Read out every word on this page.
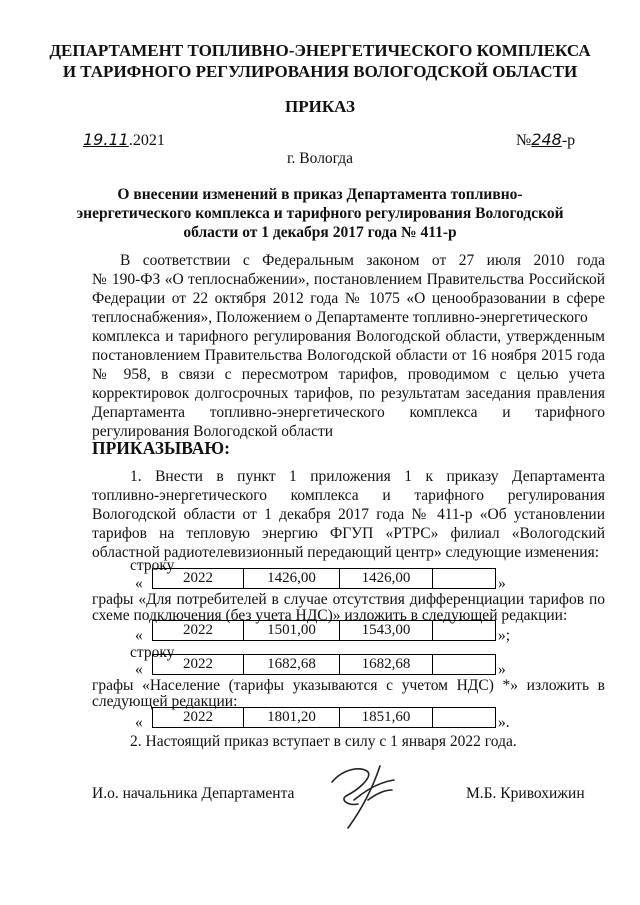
ДЕПАРТАМЕНТ ТОПЛИВНО-ЭНЕРГЕТИЧЕСКОГО КОМПЛЕКСА
И ТАРИФНОГО РЕГУЛИРОВАНИЯ ВОЛОГОДСКОЙ ОБЛАСТИ
ПРИКАЗ
19.11.2021	№248-р
г. Вологда
О внесении изменений в приказ Департамента топливно-
энергетического комплекса и тарифного регулирования Вологодской
области от 1 декабря 2017 года № 411-р
В соответствии с Федеральным законом от 27 июля 2010 года
№ 190-ФЗ «О теплоснабжении», постановлением Правительства Российской
Федерации от 22 октября 2012 года № 1075 «О ценообразовании в сфере
теплоснабжения», Положением о Департаменте топливно-энергетического
комплекса и тарифного регулирования Вологодской области, утвержденным
постановлением Правительства Вологодской области от 16 ноября 2015 года
№ 958, в связи с пересмотром тарифов, проводимом с целью учета
корректировок долгосрочных тарифов, по результатам заседания правления
Департамента топливно-энергетического комплекса и тарифного
регулирования Вологодской области
ПРИКАЗЫВАЮ:
1. Внести в пункт 1 приложения 1 к приказу Департамента
топливно-энергетического комплекса и тарифного регулирования
Вологодской области от 1 декабря 2017 года № 411-р «Об установлении
тарифов на тепловую энергию ФГУП «РТРС» филиал «Вологодский
областной радиотелевизионный передающий центр» следующие изменения:
строку
«	2022	1426,00	1426,00	»
графы «Для потребителей в случае отсутствия дифференциации тарифов по
схеме подключения (без учета НДС)» изложить в следующей редакции:
«	2022	1501,00	1543,00	»;
строку
«	2022	1682,68	1682,68	»
графы «Население (тарифы указываются с учетом НДС) *» изложить в
следующей редакции:
«	2022	1801,20	1851,60	».
2. Настоящий приказ вступает в силу с 1 января 2022 года.
И.о. начальника Департамента	М.Б. Кривохижин
